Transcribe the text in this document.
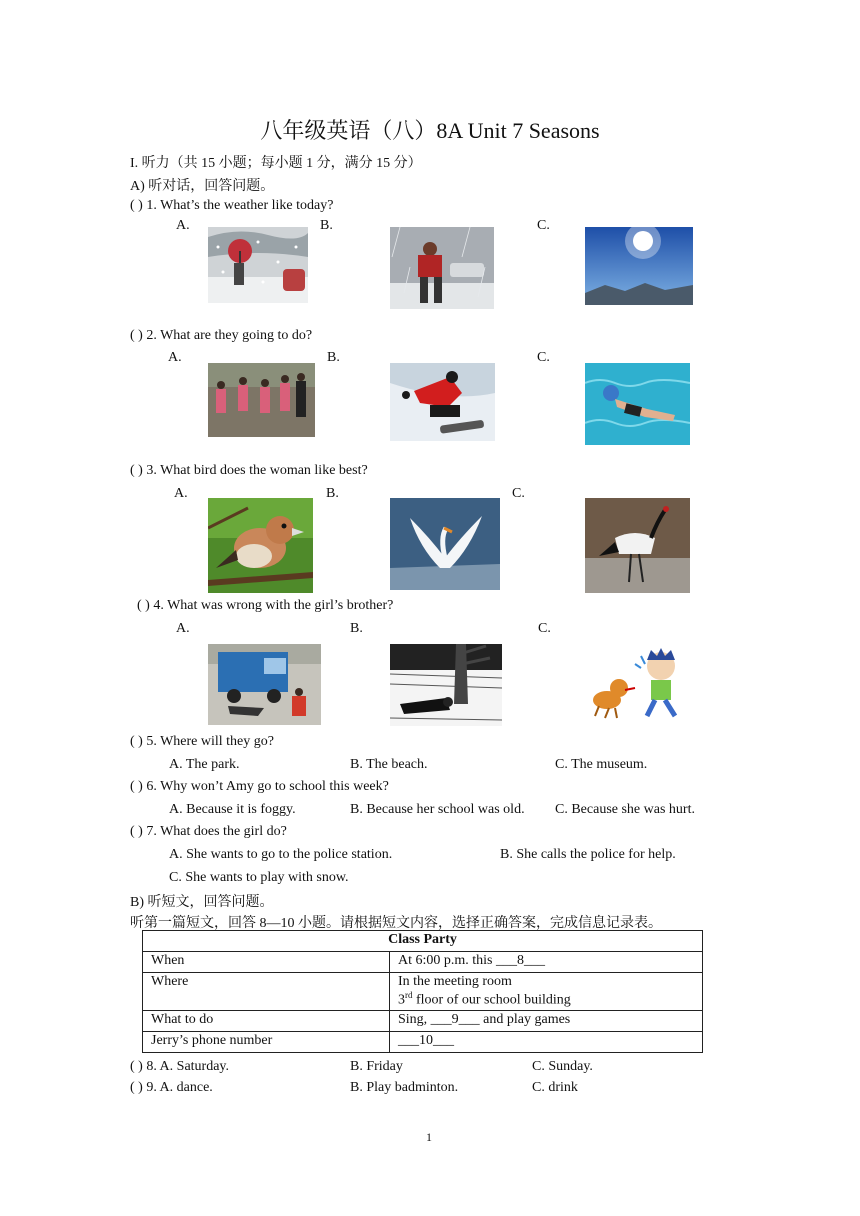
八年级英语（八）8A Unit 7 Seasons
I. 听力（共 15 小题；每小题 1 分，满分 15 分）
A) 听对话，回答问题。
( ) 1. What’s the weather like today?
A.	B.	C.
( ) 2. What are they going to do?
A.	B.	C.
( ) 3. What bird does the woman like best?
A.	B.	C.
( ) 4. What was wrong with the girl’s brother?
A.	B.	C.
( ) 5. Where will they go?
A. The park.	B. The beach.	C. The museum.
( ) 6. Why won’t Amy go to school this week?
A. Because it is foggy.	B. Because her school was old. C. Because she was hurt.
( ) 7. What does the girl do?
A. She wants to go to the police station.	B. She calls the police for help.
C. She wants to play with snow.
B) 听短文，回答问题。
听第一篇短文，回答 8—10 小题。请根据短文内容，选择正确答案，完成信息记录表。
Class Party	
When	At 6:00 p.m. this ___8___
Where	In the meeting room
3rd floor of our school building

What to do	Sing, ___9___ and play games
Jerry’s phone number	___10___
( ) 8. A. Saturday.	B. Friday	C. Sunday.
( ) 9. A. dance.	B. Play badminton.	C. drink
1
